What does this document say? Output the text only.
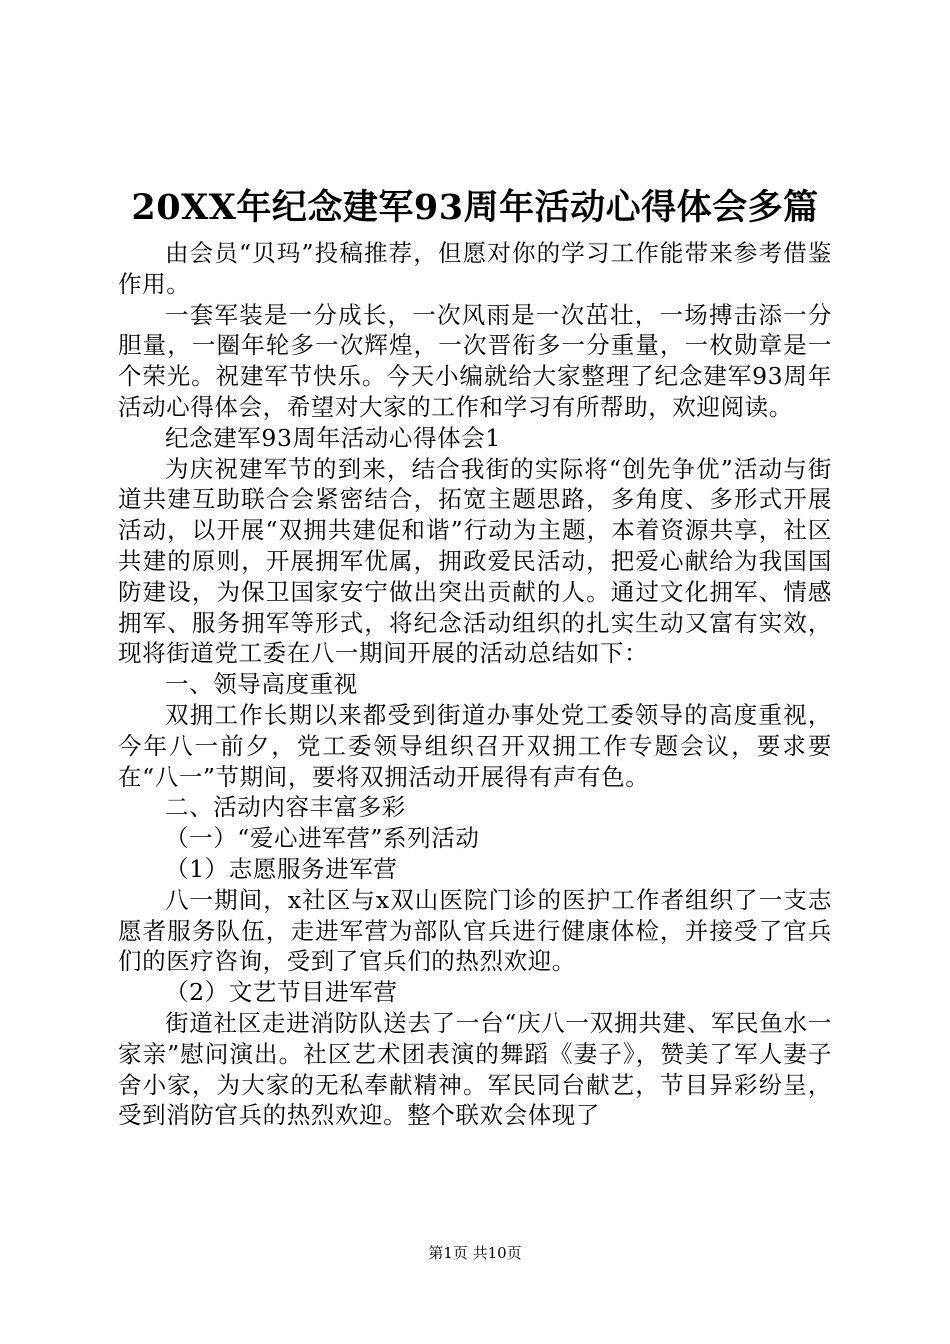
20XX年纪念建军93周年活动心得体会多篇

由会员“贝玛”投稿推荐，但愿对你的学习工作能带来参考借鉴作用。

一套军装是一分成长，一次风雨是一次茁壮，一场搏击添一分胆量，一圈年轮多一次辉煌，一次晋衔多一分重量，一枚勋章是一个荣光。祝建军节快乐。今天小编就给大家整理了纪念建军93周年活动心得体会，希望对大家的工作和学习有所帮助，欢迎阅读。

纪念建军93周年活动心得体会1

为庆祝建军节的到来，结合我街的实际将“创先争优”活动与街道共建互助联合会紧密结合，拓宽主题思路，多角度、多形式开展活动，以开展“双拥共建促和谐”行动为主题，本着资源共享，社区共建的原则，开展拥军优属，拥政爱民活动，把爱心献给为我国国防建设，为保卫国家安宁做出突出贡献的人。通过文化拥军、情感拥军、服务拥军等形式，将纪念活动组织的扎实生动又富有实效，现将街道党工委在八一期间开展的活动总结如下：

一、领导高度重视

双拥工作长期以来都受到街道办事处党工委领导的高度重视，今年八一前夕，党工委领导组织召开双拥工作专题会议，要求要在“八一”节期间，要将双拥活动开展得有声有色。

二、活动内容丰富多彩

（一）“爱心进军营”系列活动

（1）志愿服务进军营

八一期间，x社区与x双山医院门诊的医护工作者组织了一支志愿者服务队伍，走进军营为部队官兵进行健康体检，并接受了官兵们的医疗咨询，受到了官兵们的热烈欢迎。

（2）文艺节目进军营

街道社区走进消防队送去了一台“庆八一双拥共建、军民鱼水一家亲”慰问演出。社区艺术团表演的舞蹈《妻子》，赞美了军人妻子舍小家，为大家的无私奉献精神。军民同台献艺，节目异彩纷呈，受到消防官兵的热烈欢迎。整个联欢会体现了

第1页 共10页
